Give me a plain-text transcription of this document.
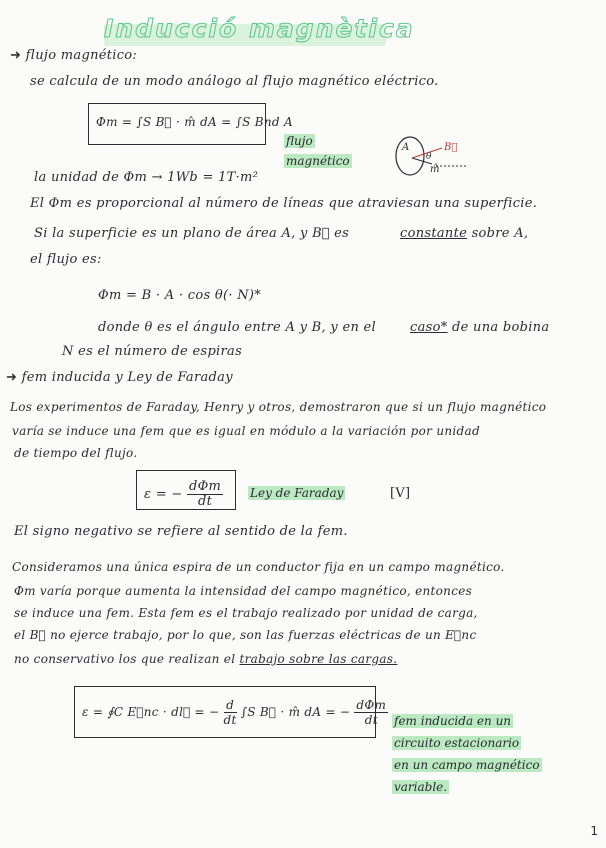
Inducció magnètica
➜ flujo magnético:
se calcula de un modo análogo al flujo magnético eléctrico.
Φm = ∫S B⃗ · m̂ dA = ∫S Bnd A
flujo
magnético
A	B⃗
θ
m̂
la unidad de Φm → 1Wb = 1T·m²
El Φm es proporcional al número de líneas que atraviesan una superficie.
Si la superficie es un plano de área A, y B⃗ es	constante sobre A,
el flujo es:
Φm = B · A · cos θ(· N)*
donde θ es el ángulo entre A y B, y en el	caso* de una bobina
N es el número de espiras
➜ fem inducida y Ley de Faraday
Los experimentos de Faraday, Henry y otros, demostraron que si un flujo magnético
varía se induce una fem que es igual en módulo a la variación por unidad
de tiempo del flujo.
ε = − $\frac{\text{dΦm}}{dt}$ Ley de Faraday	[V]
El signo negativo se refiere al sentido de la fem.
Consideramos una única espira de un conductor fija en un campo magnético.
Φm varía porque aumenta la intensidad del campo magnético, entonces
se induce una fem. Esta fem es el trabajo realizado por unidad de carga,
el B⃗ no ejerce trabajo, por lo que, son las fuerzas eléctricas de un E⃗nc
no conservativo los que realizan el trabajo sobre las cargas.
ε = ∮C E⃗nc · dl⃗ = − $\frac{d}{dt} \int S$ B⃗ · m̂ dA = − $\frac{\text{dΦm}}{dt}$ fem inducida en un
circuito estacionario
en un campo magnético
variable.
1
